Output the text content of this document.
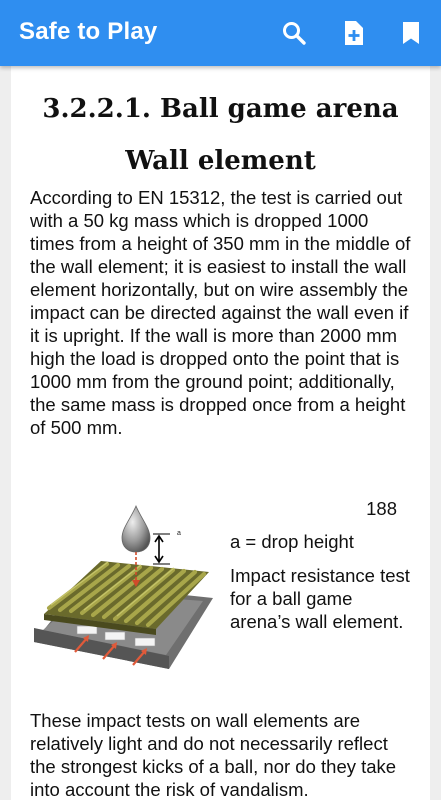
Safe to Play
3.2.2.1. Ball game arena
Wall element

According to EN 15312, the test is carried out with a 50 kg mass which is dropped 1000 times from a height of 350 mm in the middle of the wall element; it is easiest to install the wall element horizontally, but on wire assembly the impact can be directed against the wall even if it is upright. If the wall is more than 2000 mm high the load is dropped onto the point that is 1000 mm from the ground point; additionally, the same mass is dropped once from a height of 500 mm.

188
a	a = drop height
Impact resistance test for a ball game arena’s wall element.

These impact tests on wall elements are relatively light and do not necessarily reflect the strongest kicks of a ball, nor do they take into account the risk of vandalism.
